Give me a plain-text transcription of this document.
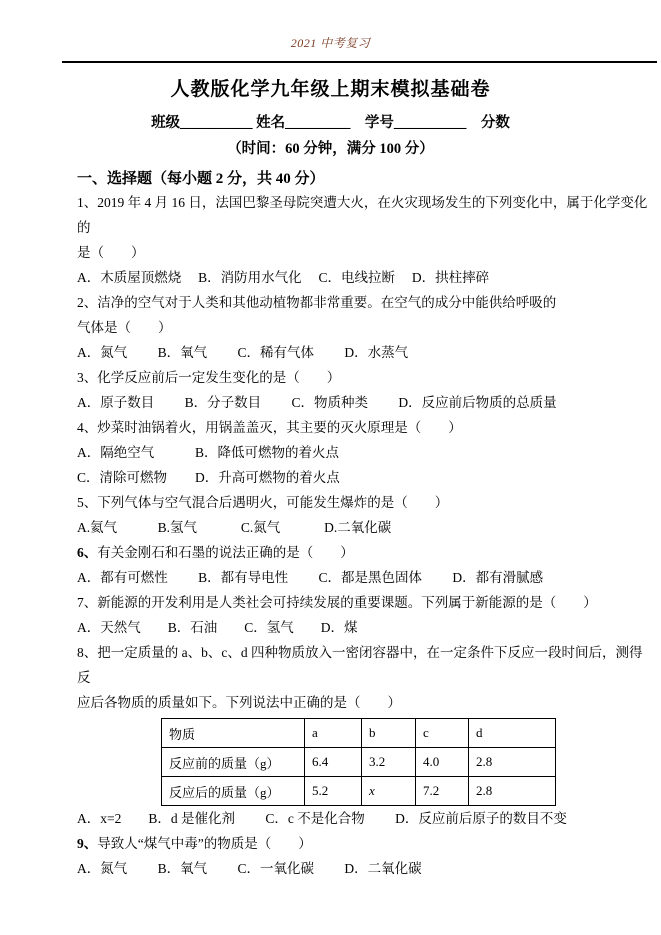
2021 中考复习
人教版化学九年级上期末模拟基础卷
班级__________ 姓名_________　学号__________　分数
（时间：60 分钟，满分 100 分）
一、选择题（每小题 2 分，共 40 分）

1、2019 年 4 月 16 日，法国巴黎圣母院突遭大火，在火灾现场发生的下列变化中，属于化学变化的

是（　　）

A．木质屋顶燃烧　 B．消防用水气化　 C．电线拉断　 D．拱柱摔碎

2、洁净的空气对于人类和其他动植物都非常重要。在空气的成分中能供给呼吸的

气体是（　　）

A．氮气　　 B．氧气　　 C．稀有气体　　 D．水蒸气

3、化学反应前后一定发生变化的是（　　）

A．原子数目　　 B．分子数目　　 C．物质种类　　 D．反应前后物质的总质量

4、炒菜时油锅着火，用锅盖盖灭，其主要的灭火原理是（　　）

A．隔绝空气	B．降低可燃物的着火点

C．清除可燃物 D．升高可燃物的着火点

5、下列气体与空气混合后遇明火，可能发生爆炸的是（　　）

A.氦气　　　B.氢气　　　 C.氮气　　　 D.二氧化碳

6、有关金刚石和石墨的说法正确的是（　　）

A．都有可燃性　　 B．都有导电性　　 C．都是黑色固体　　 D．都有滑腻感

7、新能源的开发利用是人类社会可持续发展的重要课题。下列属于新能源的是（　　）

A．天然气　　B．石油　　C．氢气　　D．煤

8、把一定质量的 a、b、c、d 四种物质放入一密闭容器中，在一定条件下反应一段时间后，测得反

应后各物质的质量如下。下列说法中正确的是（　　）

物质	a	b	c	d
反应前的质量（g）	6.4	3.2	4.0	2.8
反应后的质量（g）	5.2	x	7.2	2.8

A．x=2　　B．d 是催化剂　　 C．c 不是化合物　　 D．反应前后原子的数目不变

9、导致人“煤气中毒”的物质是（　　）

A．氮气　　 B．氧气　　 C．一氧化碳　　 D．二氧化碳
